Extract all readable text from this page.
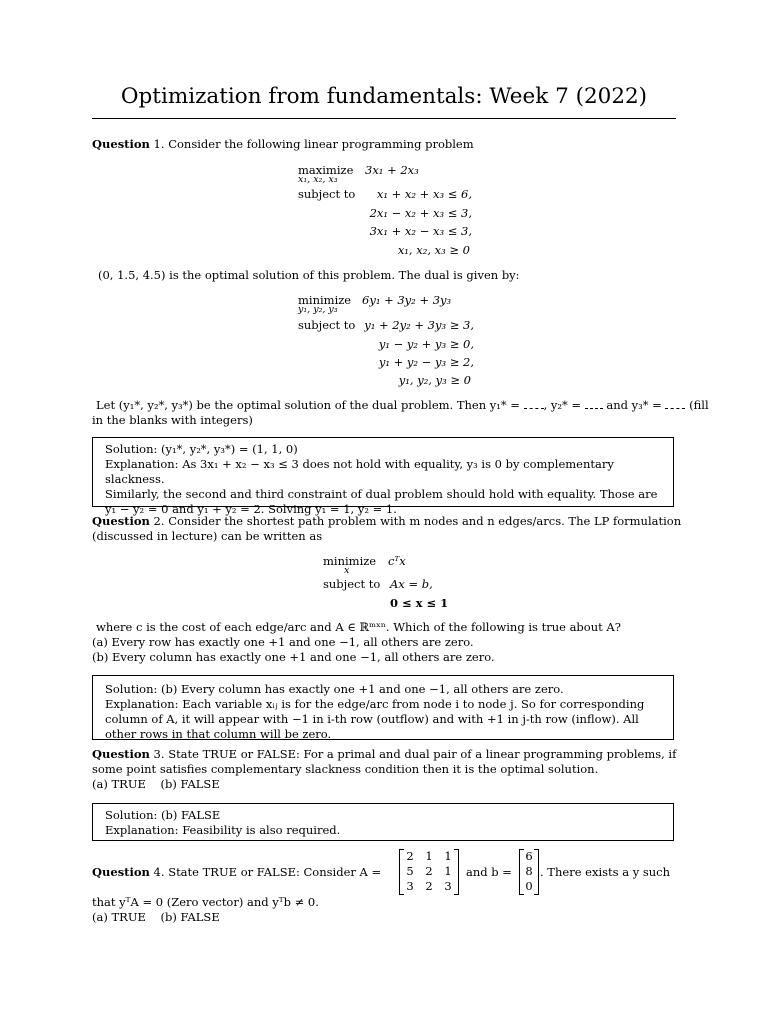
Optimization from fundamentals: Week 7 (2022)
Question 1. Consider the following linear programming problem
maximize
x₁, x₂, x₃
3x₁ + 2x₃
subject to	x₁ + x₂ + x₃ ≤ 6,
2x₁ − x₂ + x₃ ≤ 3,
3x₁ + x₂ − x₃ ≤ 3,
x₁, x₂, x₃ ≥ 0
(0, 1.5, 4.5) is the optimal solution of this problem. The dual is given by:
minimize
y₁, y₂, y₃
6y₁ + 3y₂ + 3y₃
subject to y₁ + 2y₂ + 3y₃ ≥ 3,
y₁ − y₂ + y₃ ≥ 0,
y₁ + y₂ − y₃ ≥ 2,
y₁, y₂, y₃ ≥ 0
Let (y₁*, y₂*, y₃*) be the optimal solution of the dual problem. Then y₁* = , y₂* = and y₃* = (fill
in the blanks with integers)
Solution: (y₁*, y₂*, y₃*) = (1, 1, 0)
Explanation: As 3x₁ + x₂ − x₃ ≤ 3 does not hold with equality, y₃ is 0 by complementary slackness.
Similarly, the second and third constraint of dual problem should hold with equality. Those are
y₁ − y₂ = 0 and y₁ + y₂ = 2. Solving y₁ = 1, y₂ = 1.
Question 2. Consider the shortest path problem with m nodes and n edges/arcs. The LP formulation
(discussed in lecture) can be written as
minimize
x
cᵀx
subject to Ax = b,
0 ≤ x ≤ 1
where c is the cost of each edge/arc and A ∈ ℝᵐˣⁿ. Which of the following is true about A?
(a) Every row has exactly one +1 and one −1, all others are zero.
(b) Every column has exactly one +1 and one −1, all others are zero.
Solution: (b) Every column has exactly one +1 and one −1, all others are zero.
Explanation: Each variable xᵢⱼ is for the edge/arc from node i to node j. So for corresponding
column of A, it will appear with −1 in i-th row (outflow) and with +1 in j-th row (inflow). All
other rows in that column will be zero.
Question 3. State TRUE or FALSE: For a primal and dual pair of a linear programming problems, if
some point satisfies complementary slackness condition then it is the optimal solution.
(a) TRUE    (b) FALSE
Solution: (b) FALSE
Explanation: Feasibility is also required.
Question 4. State TRUE or FALSE: Consider A =
2	1	1
5	2	1
3	2	3
and b =
6
8
0
. There exists a y such
that yᵀA = 0 (Zero vector) and yᵀb ≠ 0.
(a) TRUE    (b) FALSE
